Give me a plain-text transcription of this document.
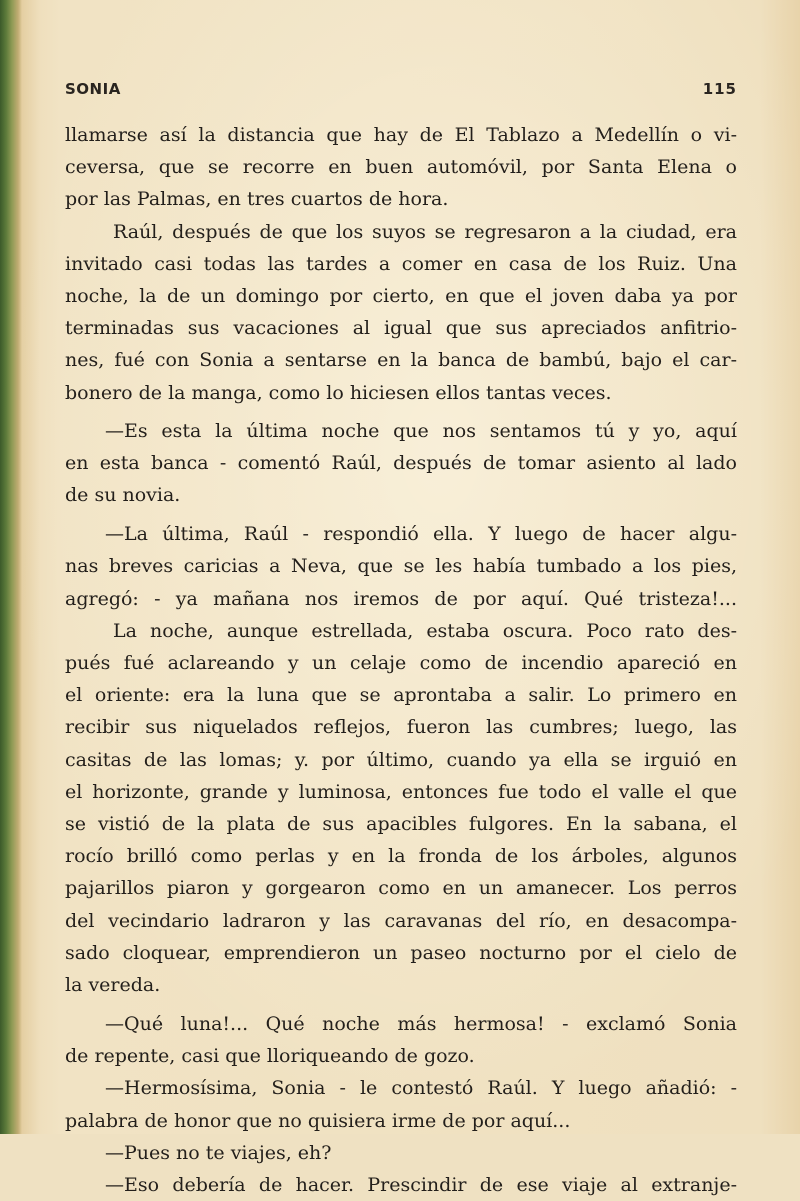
SONIA	115
llamarse así la distancia que hay de El Tablazo a Medellín o vi-
ceversa, que se recorre en buen automóvil, por Santa Elena o
por las Palmas, en tres cuartos de hora.
Raúl, después de que los suyos se regresaron a la ciudad, era
invitado casi todas las tardes a comer en casa de los Ruiz. Una
noche, la de un domingo por cierto, en que el joven daba ya por
terminadas sus vacaciones al igual que sus apreciados anfitrio-
nes, fué con Sonia a sentarse en la banca de bambú, bajo el car-
bonero de la manga, como lo hiciesen ellos tantas veces.
—Es esta la última noche que nos sentamos tú y yo, aquí
en esta banca - comentó Raúl, después de tomar asiento al lado
de su novia.
—La última, Raúl - respondió ella. Y luego de hacer algu-
nas breves caricias a Neva, que se les había tumbado a los pies,
agregó: - ya mañana nos iremos de por aquí. Qué tristeza!...
La noche, aunque estrellada, estaba oscura. Poco rato des-
pués fué aclareando y un celaje como de incendio apareció en
el oriente: era la luna que se aprontaba a salir. Lo primero en
recibir sus niquelados reflejos, fueron las cumbres; luego, las
casitas de las lomas; y. por último, cuando ya ella se irguió en
el horizonte, grande y luminosa, entonces fue todo el valle el que
se vistió de la plata de sus apacibles fulgores. En la sabana, el
rocío brilló como perlas y en la fronda de los árboles, algunos
pajarillos piaron y gorgearon como en un amanecer. Los perros
del vecindario ladraron y las caravanas del río, en desacompa-
sado cloquear, emprendieron un paseo nocturno por el cielo de
la vereda.
—Qué luna!... Qué noche más hermosa! - exclamó Sonia
de repente, casi que lloriqueando de gozo.
—Hermosísima, Sonia - le contestó Raúl. Y luego añadió: -
palabra de honor que no quisiera irme de por aquí...
—Pues no te viajes, eh?
—Eso debería de hacer. Prescindir de ese viaje al extranje-
